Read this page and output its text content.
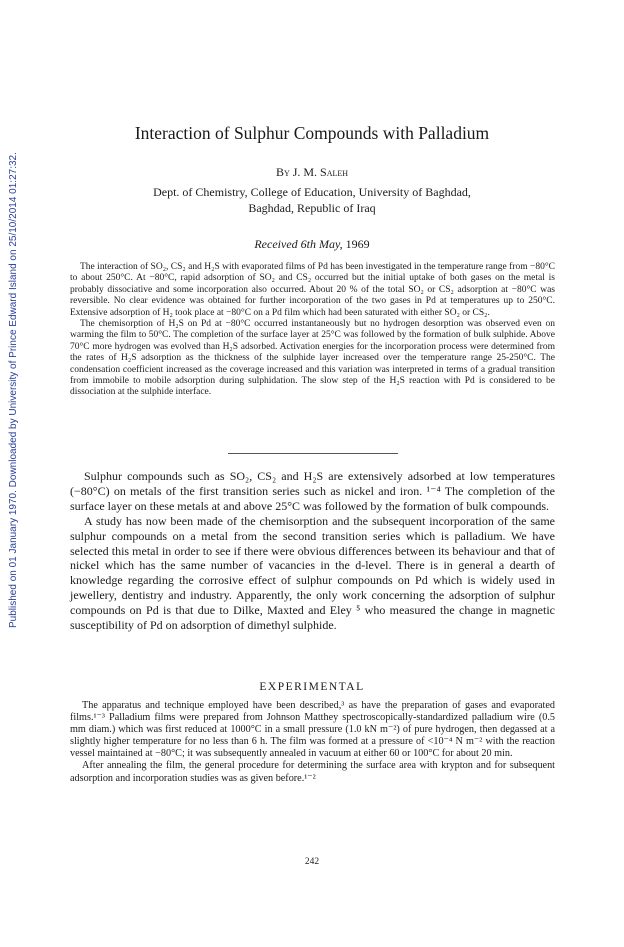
Published on 01 January 1970. Downloaded by University of Prince Edward Island on 25/10/2014 01:27:32.
Interaction of Sulphur Compounds with Palladium
By J. M. Saleh
Dept. of Chemistry, College of Education, University of Baghdad,
Baghdad, Republic of Iraq
Received 6th May, 1969

The interaction of SO₂, CS₂ and H₂S with evaporated films of Pd has been investigated in the temperature range from −80°C to about 250°C. At −80°C, rapid adsorption of SO₂ and CS₂ occurred but the initial uptake of both gases on the metal is probably dissociative and some incorporation also occurred. About 20 % of the total SO₂ or CS₂ adsorption at −80°C was reversible. No clear evidence was obtained for further incorporation of the two gases in Pd at temperatures up to 250°C. Extensive adsorption of H₂ took place at −80°C on a Pd film which had been saturated with either SO₂ or CS₂.

The chemisorption of H₂S on Pd at −80°C occurred instantaneously but no hydrogen desorption was observed even on warming the film to 50°C. The completion of the surface layer at 25°C was followed by the formation of bulk sulphide. Above 70°C more hydrogen was evolved than H₂S adsorbed. Activation energies for the incorporation process were determined from the rates of H₂S adsorption as the thickness of the sulphide layer increased over the temperature range 25-250°C. The condensation coefficient increased as the coverage increased and this variation was interpreted in terms of a gradual transition from immobile to mobile adsorption during sulphidation. The slow step of the H₂S reaction with Pd is considered to be dissociation at the sulphide interface.

Sulphur compounds such as SO₂, CS₂ and H₂S are extensively adsorbed at low temperatures (−80°C) on metals of the first transition series such as nickel and iron. ¹⁻⁴ The completion of the surface layer on these metals at and above 25°C was followed by the formation of bulk compounds.

A study has now been made of the chemisorption and the subsequent incorporation of the same sulphur compounds on a metal from the second transition series which is palladium. We have selected this metal in order to see if there were obvious differences between its behaviour and that of nickel which has the same number of vacancies in the d-level. There is in general a dearth of knowledge regarding the corrosive effect of sulphur compounds on Pd which is widely used in jewellery, dentistry and industry. Apparently, the only work concerning the adsorption of sulphur compounds on Pd is that due to Dilke, Maxted and Eley ⁵ who measured the change in magnetic susceptibility of Pd on adsorption of dimethyl sulphide.

EXPERIMENTAL

The apparatus and technique employed have been described,³ as have the preparation of gases and evaporated films.¹⁻³ Palladium films were prepared from Johnson Matthey spectroscopically-standardized palladium wire (0.5 mm diam.) which was first reduced at 1000°C in a small pressure (1.0 kN m⁻²) of pure hydrogen, then degassed at a slightly higher temperature for no less than 6 h. The film was formed at a pressure of <10⁻⁴ N m⁻² with the reaction vessel maintained at −80°C; it was subsequently annealed in vacuum at either 60 or 100°C for about 20 min.

After annealing the film, the general procedure for determining the surface area with krypton and for subsequent adsorption and incorporation studies was as given before.¹⁻²

242
